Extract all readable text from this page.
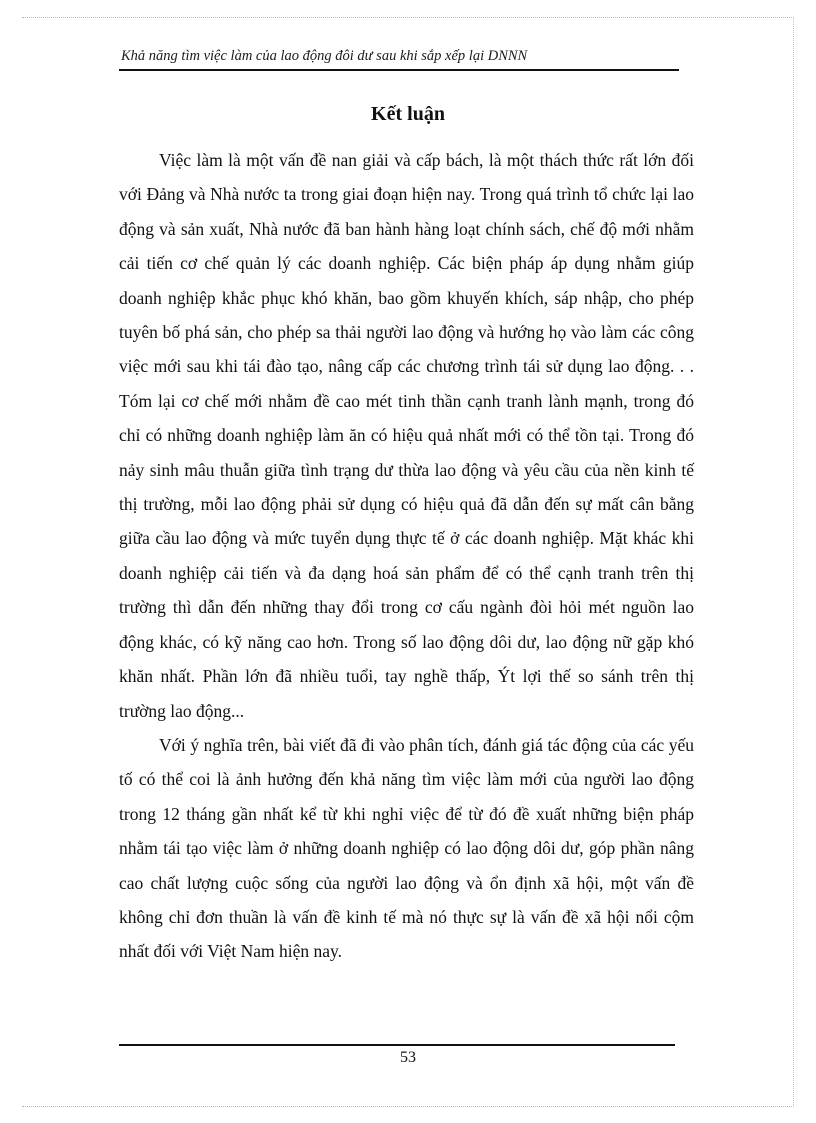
Khả năng tìm việc làm của lao động đôi dư sau khi sắp xếp lại DNNN
Kết luận

Việc làm là một vấn đề nan giải và cấp bách, là một thách thức rất lớn đối với Đảng và Nhà nước ta trong giai đoạn hiện nay. Trong quá trình tổ chức lại lao động và sản xuất, Nhà nước đã ban hành hàng loạt chính sách, chế độ mới nhằm cải tiến cơ chế quản lý các doanh nghiệp. Các biện pháp áp dụng nhằm giúp doanh nghiệp khắc phục khó khăn, bao gồm khuyến khích, sáp nhập, cho phép tuyên bố phá sản, cho phép sa thải người lao động và hướng họ vào làm các công việc mới sau khi tái đào tạo, nâng cấp các chương trình tái sử dụng lao động. . . Tóm lại cơ chế mới nhằm đề cao mét tinh thần cạnh tranh lành mạnh, trong đó chỉ có những doanh nghiệp làm ăn có hiệu quả nhất mới có thể tồn tại. Trong đó nảy sinh mâu thuẫn giữa tình trạng dư thừa lao động và yêu cầu của nền kinh tế thị trường, mỗi lao động phải sử dụng có hiệu quả đã dẫn đến sự mất cân bằng giữa cầu lao động và mức tuyển dụng thực tế ở các doanh nghiệp. Mặt khác khi doanh nghiệp cải tiến và đa dạng hoá sản phẩm để có thể cạnh tranh trên thị trường thì dẫn đến những thay đổi trong cơ cấu ngành đòi hỏi mét nguồn lao động khác, có kỹ năng cao hơn. Trong số lao động dôi dư, lao động nữ gặp khó khăn nhất. Phần lớn đã nhiều tuổi, tay nghề thấp, Ýt lợi thế so sánh trên thị trường lao động...

Với ý nghĩa trên, bài viết đã đi vào phân tích, đánh giá tác động của các yếu tố có thể coi là ảnh hưởng đến khả năng tìm việc làm mới của người lao động trong 12 tháng gần nhất kể từ khi nghỉ việc để từ đó đề xuất những biện pháp nhằm tái tạo việc làm ở những doanh nghiệp có lao động dôi dư, góp phần nâng cao chất lượng cuộc sống của người lao động và ổn định xã hội, một vấn đề không chỉ đơn thuần là vấn đề kinh tế mà nó thực sự là vấn đề xã hội nổi cộm nhất đối với Việt Nam hiện nay.

53
